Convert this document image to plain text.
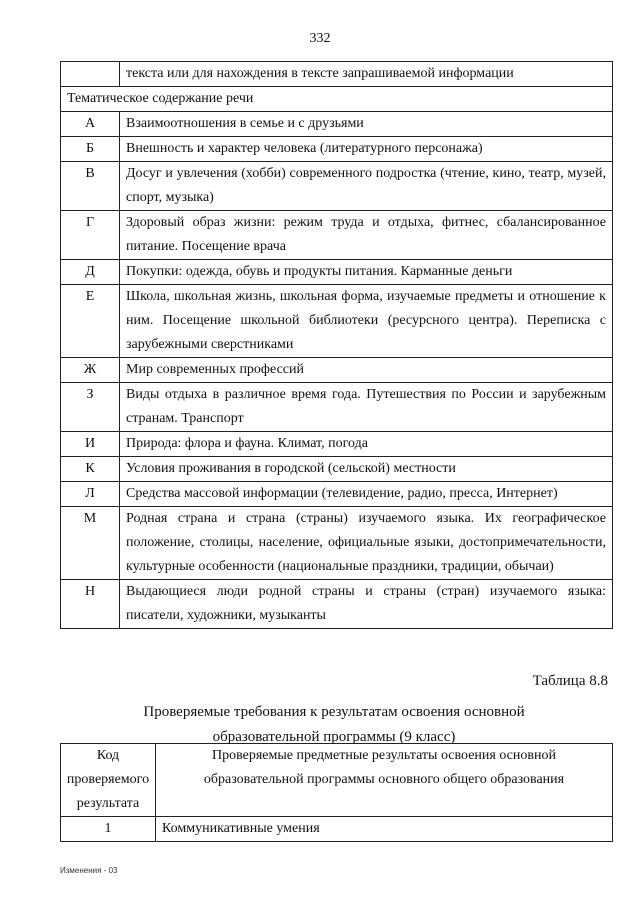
332
	текста или для нахождения в тексте запрашиваемой информации
Тематическое содержание речи	
А	Взаимоотношения в семье и с друзьями
Б	Внешность и характер человека (литературного персонажа)
В	Досуг и увлечения (хобби) современного подростка (чтение, кино, театр, музей, спорт, музыка)
Г	Здоровый образ жизни: режим труда и отдыха, фитнес, сбалансированное питание. Посещение врача
Д	Покупки: одежда, обувь и продукты питания. Карманные деньги
Е	Школа, школьная жизнь, школьная форма, изучаемые предметы и отношение к ним. Посещение школьной библиотеки (ресурсного центра). Переписка с зарубежными сверстниками
Ж	Мир современных профессий
З	Виды отдыха в различное время года. Путешествия по России и зарубежным странам. Транспорт
И	Природа: флора и фауна. Климат, погода
К	Условия проживания в городской (сельской) местности
Л	Средства массовой информации (телевидение, радио, пресса, Интернет)
М	Родная страна и страна (страны) изучаемого языка. Их географическое положение, столицы, население, официальные языки, достопримечательности, культурные особенности (национальные праздники, традиции, обычаи)
Н	Выдающиеся люди родной страны и страны (стран) изучаемого языка: писатели, художники, музыканты
Таблица 8.8
Проверяемые требования к результатам освоения основной
образовательной программы (9 класс)
Код проверяемого результата	Проверяемые предметные результаты освоения основной образовательной программы основного общего образования
1	Коммуникативные умения
Изменения - 03
